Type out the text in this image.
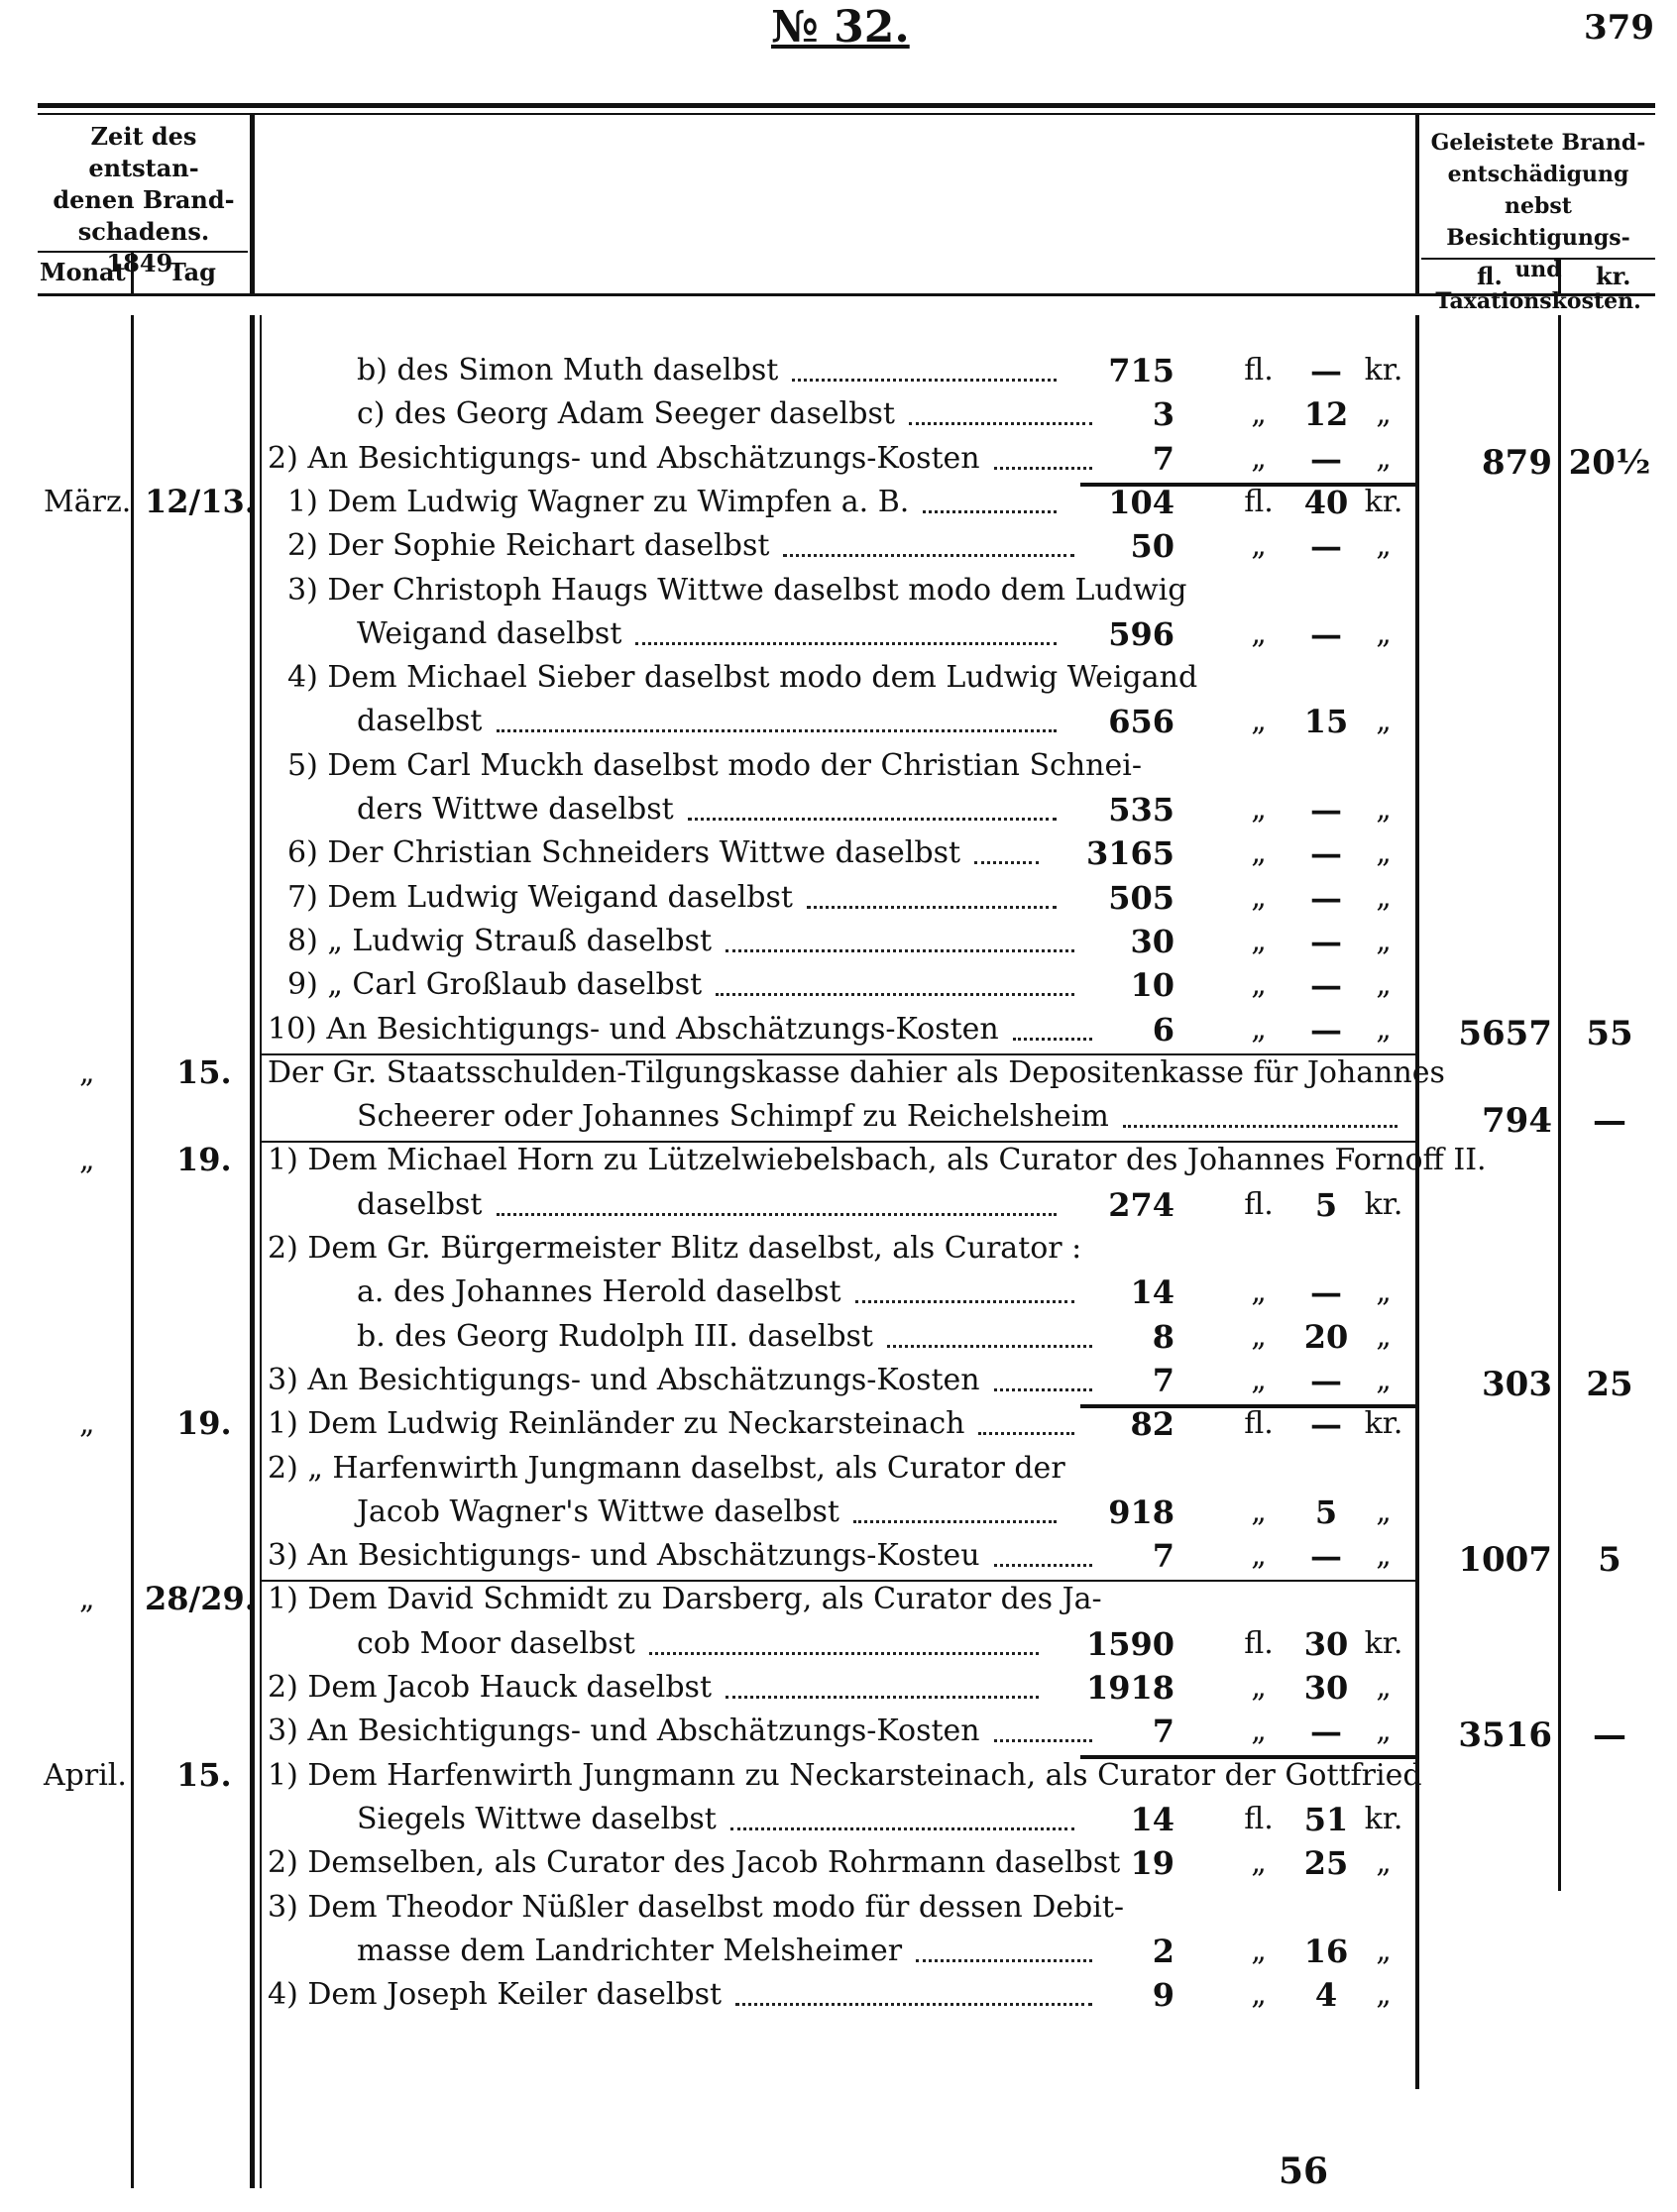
№ 32.	379
Zeit des entstan-
denen Brand-
schadens.
1849.
Monat Tag
Geleistete Brand-
entschädigung nebst
Besichtigungs- und
Taxationskosten.
fl.	kr.
b) des Simon Muth daselbst	715 fl.	— kr.
c) des Georg Adam Seeger daselbst	3	„	12 „
2) An Besichtigungs- und Abschätzungs-Kosten	7	„	—	„	879 20½
März. 12/13. 1) Dem Ludwig Wagner zu Wimpfen a. B.	104 fl. 40 kr.
2) Der Sophie Reichart daselbst	50	„	—	„
3) Der Christoph Haugs Wittwe daselbst modo dem Ludwig
Weigand daselbst	596	„	—	„
4) Dem Michael Sieber daselbst modo dem Ludwig Weigand
daselbst	656	„	15 „
5) Dem Carl Muckh daselbst modo der Christian Schnei-
ders Wittwe daselbst	535	„	—	„
6) Der Christian Schneiders Wittwe daselbst	3165	„	—	„
7) Dem Ludwig Weigand daselbst	505	„	—	„
8) „ Ludwig Strauß daselbst	30	„	—	„
9) „ Carl Großlaub daselbst	10	„	—	„
10) An Besichtigungs- und Abschätzungs-Kosten	6	„	—	„	5657	55
„	15. Der Gr. Staatsschulden-Tilgungskasse dahier als Depositenkasse für Johannes
Scheerer oder Johannes Schimpf zu Reichelsheim	794	—
„	19. 1) Dem Michael Horn zu Lützelwiebelsbach, als Curator des Johannes Fornoff II.
daselbst	274 fl.	5 kr.
2) Dem Gr. Bürgermeister Blitz daselbst, als Curator :
a. des Johannes Herold daselbst	14	„	—	„
b. des Georg Rudolph III. daselbst	8	„	20 „
3) An Besichtigungs- und Abschätzungs-Kosten	7	„	—	„	303	25
„	19. 1) Dem Ludwig Reinländer zu Neckarsteinach	82 fl.	— kr.
2) „ Harfenwirth Jungmann daselbst, als Curator der
Jacob Wagner's Wittwe daselbst	918	„	5	„
3) An Besichtigungs- und Abschätzungs-Kosteu	7	„	—	„	1007	5
„ 28/29. 1) Dem David Schmidt zu Darsberg, als Curator des Ja-
cob Moor daselbst	1590 fl. 30 kr.
2) Dem Jacob Hauck daselbst	1918	„	30 „
3) An Besichtigungs- und Abschätzungs-Kosten	7	„	—	„	3516	—
April. 15. 1) Dem Harfenwirth Jungmann zu Neckarsteinach, als Curator der Gottfried
Siegels Wittwe daselbst	14 fl. 51 kr.
2) Demselben, als Curator des Jacob Rohrmann daselbst 19	„	25 „
3) Dem Theodor Nüßler daselbst modo für dessen Debit-
masse dem Landrichter Melsheimer	2	„	16 „
4) Dem Joseph Keiler daselbst	9	„	4	„
56
